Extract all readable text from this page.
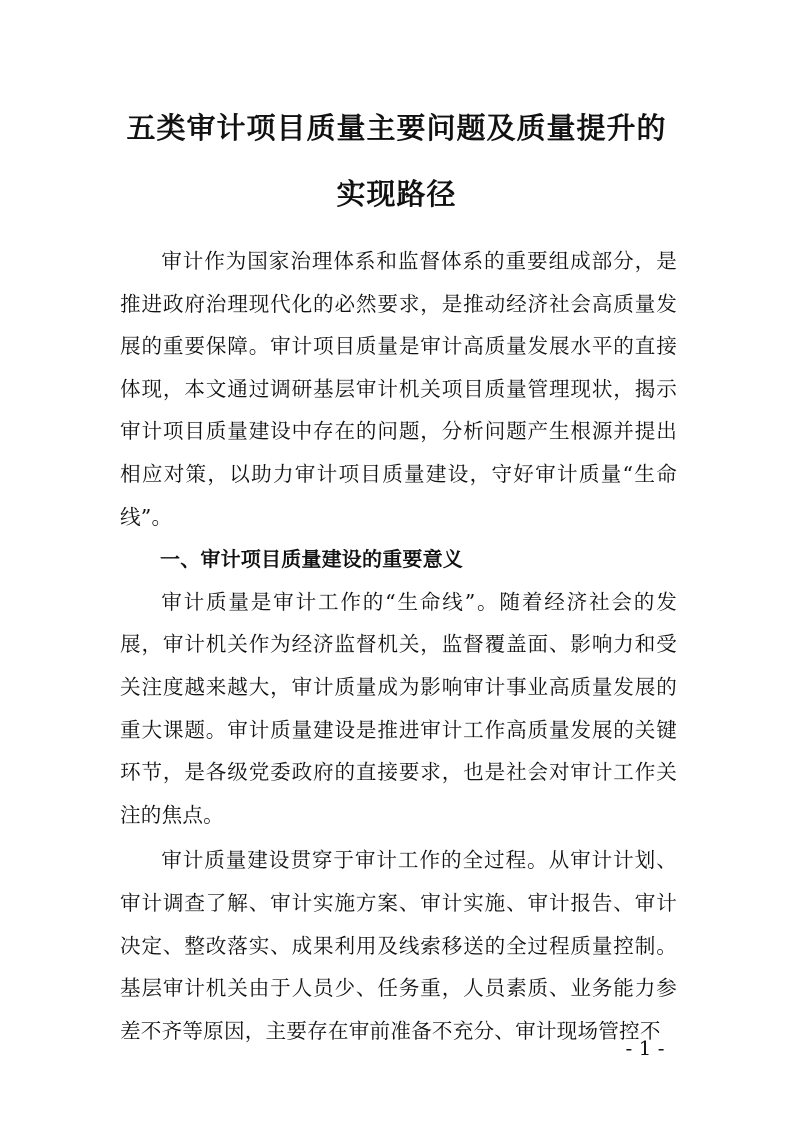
五类审计项目质量主要问题及质量提升的
实现路径

审计作为国家治理体系和监督体系的重要组成部分，是推进政府治理现代化的必然要求，是推动经济社会高质量发展的重要保障。审计项目质量是审计高质量发展水平的直接体现，本文通过调研基层审计机关项目质量管理现状，揭示审计项目质量建设中存在的问题，分析问题产生根源并提出相应对策，以助力审计项目质量建设，守好审计质量“生命线”。

一、审计项目质量建设的重要意义

审计质量是审计工作的“生命线”。随着经济社会的发展，审计机关作为经济监督机关，监督覆盖面、影响力和受关注度越来越大，审计质量成为影响审计事业高质量发展的重大课题。审计质量建设是推进审计工作高质量发展的关键环节，是各级党委政府的直接要求，也是社会对审计工作关注的焦点。

审计质量建设贯穿于审计工作的全过程。从审计计划、审计调查了解、审计实施方案、审计实施、审计报告、审计决定、整改落实、成果利用及线索移送的全过程质量控制。基层审计机关由于人员少、任务重，人员素质、业务能力参差不齐等原因，主要存在审前准备不充分、审计现场管控不

- 1 -
